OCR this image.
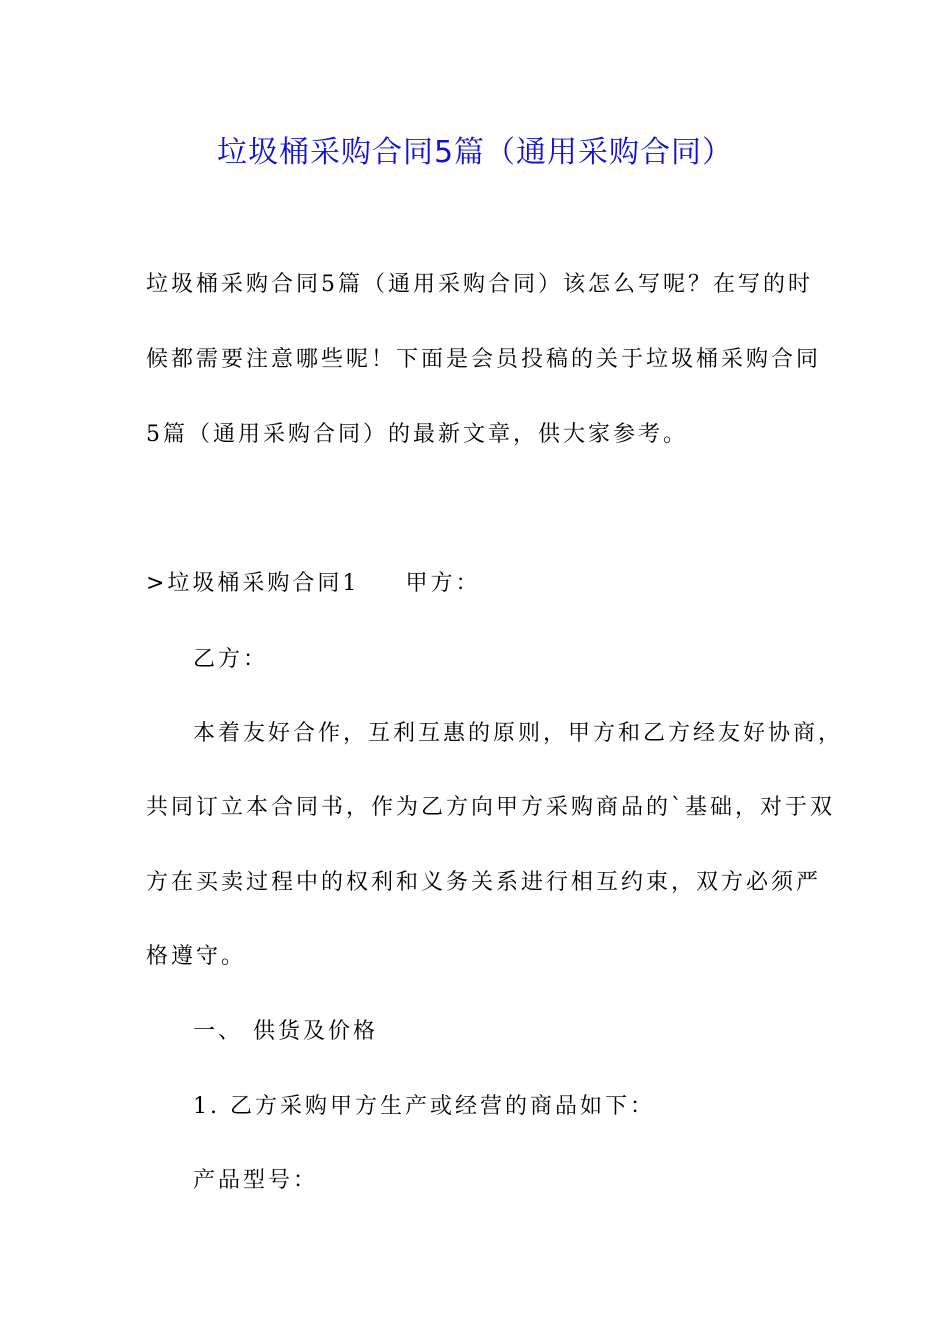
垃圾桶采购合同5篇（通用采购合同）
垃圾桶采购合同5篇（通用采购合同）该怎么写呢？在写的时
候都需要注意哪些呢！下面是会员投稿的关于垃圾桶采购合同
5篇（通用采购合同）的最新文章，供大家参考。
>垃圾桶采购合同1 甲方：
乙方：
本着友好合作，互利互惠的原则，甲方和乙方经友好协商，
共同订立本合同书，作为乙方向甲方采购商品的`基础，对于双
方在买卖过程中的权利和义务关系进行相互约束，双方必须严
格遵守。
一、 供货及价格
1. 乙方采购甲方生产或经营的商品如下：
产品型号：
